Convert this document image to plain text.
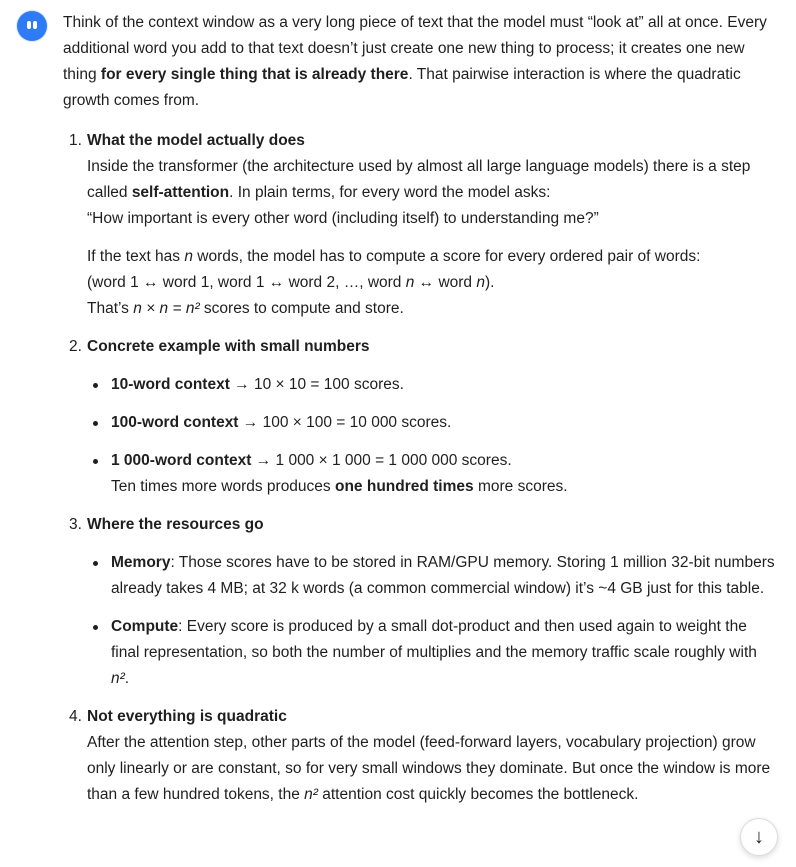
Think of the context window as a very long piece of text that the model must “look at” all at once. Every additional word you add to that text doesn’t just create one new thing to process; it creates one new thing for every single thing that is already there. That pairwise interaction is where the quadratic growth comes from.

1. What the model actually does
Inside the transformer (the architecture used by almost all large language models) there is a step called self-attention. In plain terms, for every word the model asks:
“How important is every other word (including itself) to understanding me?”
If the text has n words, the model has to compute a score for every ordered pair of words:
(word 1 ↔ word 1, word 1 ↔ word 2, …, word n ↔ word n).
That’s n × n = n² scores to compute and store.
2. Concrete example with small numbers
10-word context → 10 × 10 = 100 scores.
100-word context → 100 × 100 = 10 000 scores.
1 000-word context → 1 000 × 1 000 = 1 000 000 scores.
Ten times more words produces one hundred times more scores.
3. Where the resources go
Memory: Those scores have to be stored in RAM/GPU memory. Storing 1 million 32-bit numbers already takes 4 MB; at 32 k words (a common commercial window) it’s ~4 GB just for this table.
Compute: Every score is produced by a small dot-product and then used again to weight the final representation, so both the number of multiplies and the memory traffic scale roughly with n².
4. Not everything is quadratic
After the attention step, other parts of the model (feed-forward layers, vocabulary projection) grow only linearly or are constant, so for very small windows they dominate. But once the window is more than a few hundred tokens, the n² attention cost quickly becomes the bottleneck.
↓
